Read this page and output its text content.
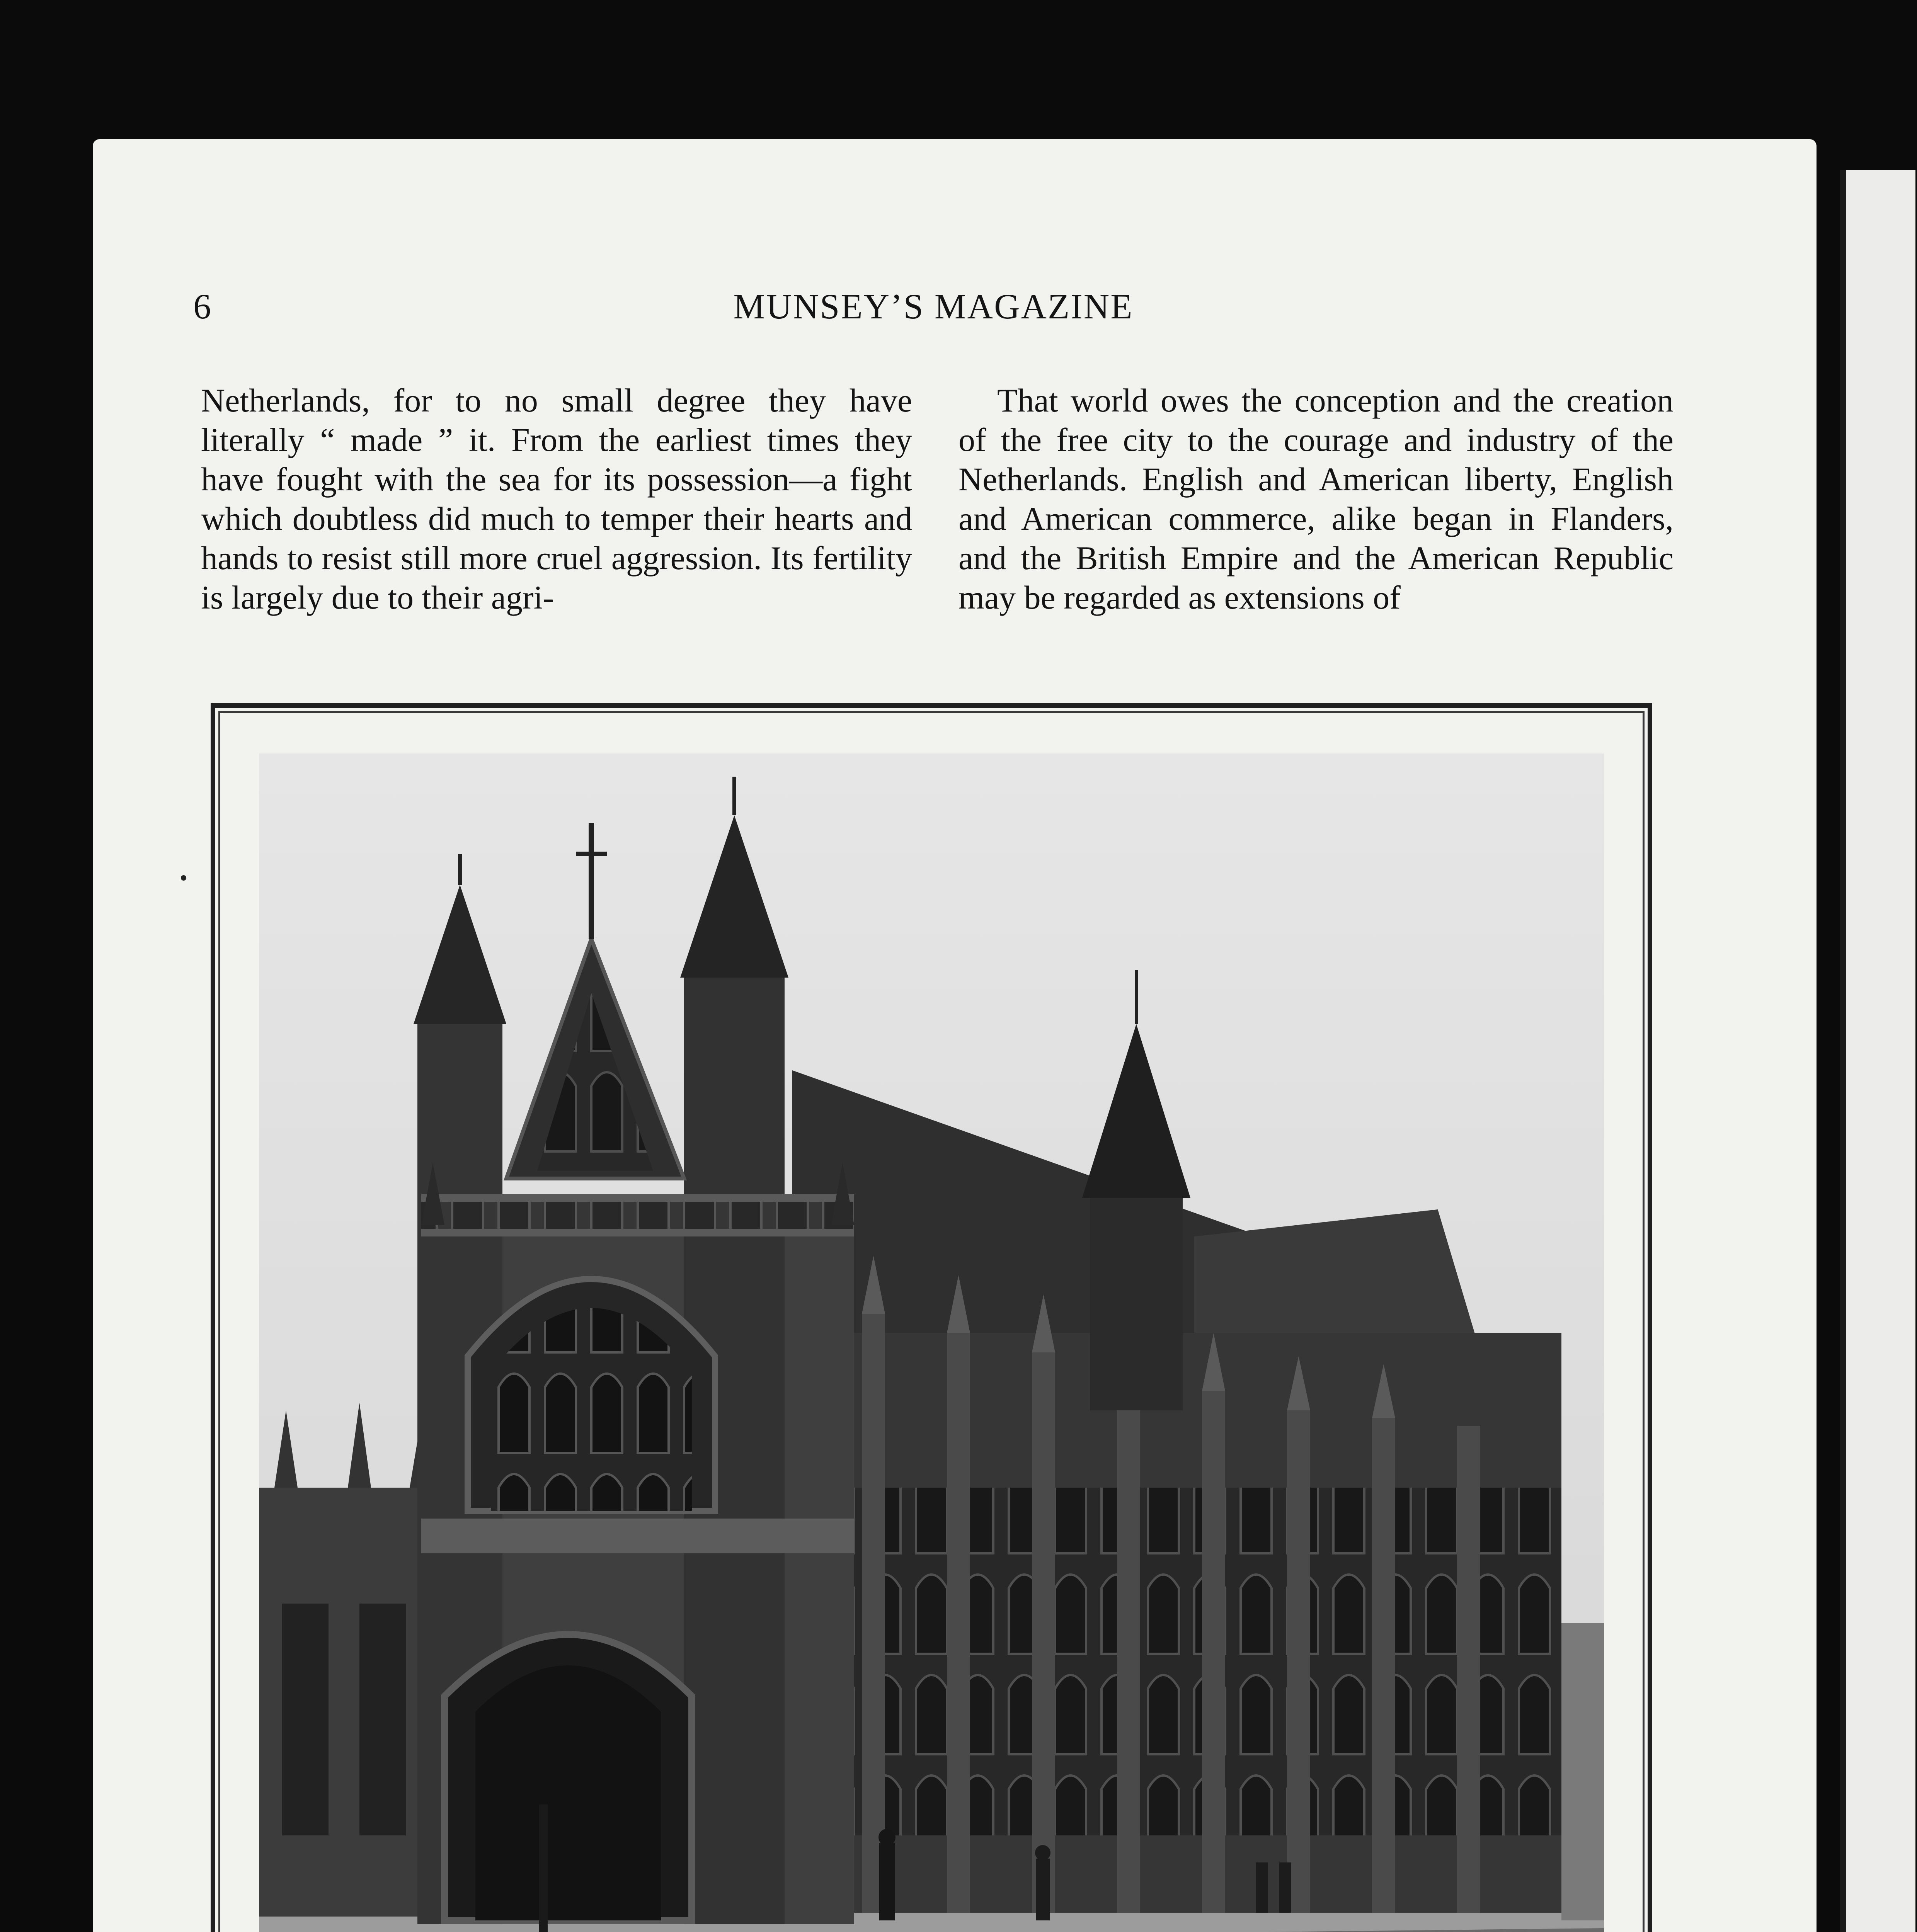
6	MUNSEY’S MAGAZINE

Netherlands, for to no small degree they have literally “ made ” it. From the earliest times they have fought with the sea for its possession—a fight which doubtless did much to temper their hearts and hands to resist still more cruel aggression. Its fertility is largely due to their agri-

That world owes the conception and the creation of the free city to the courage and industry of the Netherlands. English and American liberty, English and American commerce, alike began in Flanders, and the British Empire and the American Republic may be regarded as extensions of
